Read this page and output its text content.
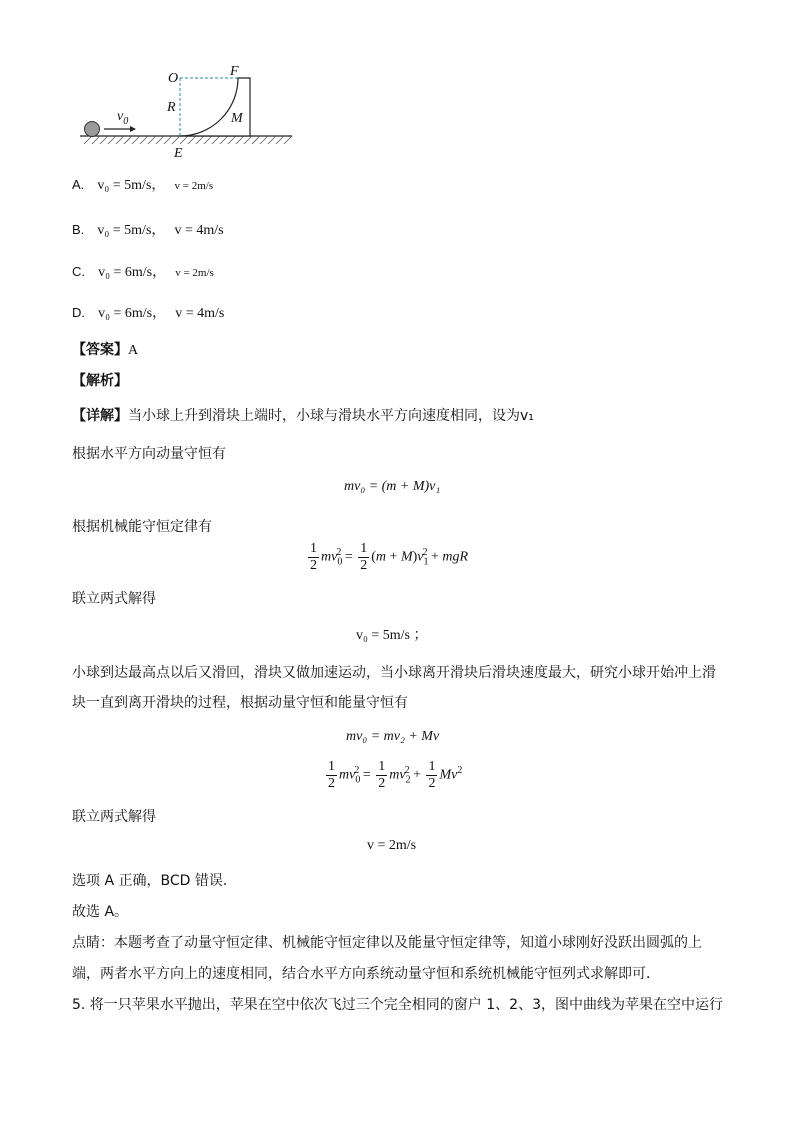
O	F
R
M
E
$v_0$
A. v₀ = 5m/s， v = 2m/s
B. v₀ = 5m/s， v = 4m/s
C. v₀ = 6m/s， v = 2m/s
D. v₀ = 6m/s， v = 4m/s
【答案】A
【解析】
【详解】当小球上升到滑块上端时，小球与滑块水平方向速度相同，设为v₁
根据水平方向动量守恒有
mv₀ = (m + M)v₁
根据机械能守恒定律有
$\frac{1}{2} mv_0^2 = \frac{1}{2} (m + M)v_1^2$ + mgR
联立两式解得
v₀ = 5m/s ；
小球到达最高点以后又滑回，滑块又做加速运动，当小球离开滑块后滑块速度最大，研究小球开始冲上滑
块一直到离开滑块的过程，根据动量守恒和能量守恒有
mv₀ = mv₂ + Mv
$\frac{1}{2} mv_0^2 = \frac{1}{2} mv_2^2 + \frac{1}{2} Mv^2$
联立两式解得
v = 2m/s
选项 A 正确，BCD 错误．
故选 A。
点睛：本题考查了动量守恒定律、机械能守恒定律以及能量守恒定律等，知道小球刚好没跃出圆弧的上
端，两者水平方向上的速度相同，结合水平方向系统动量守恒和系统机械能守恒列式求解即可．
5. 将一只苹果水平抛出，苹果在空中依次飞过三个完全相同的窗户 1、2、3，图中曲线为苹果在空中运行
